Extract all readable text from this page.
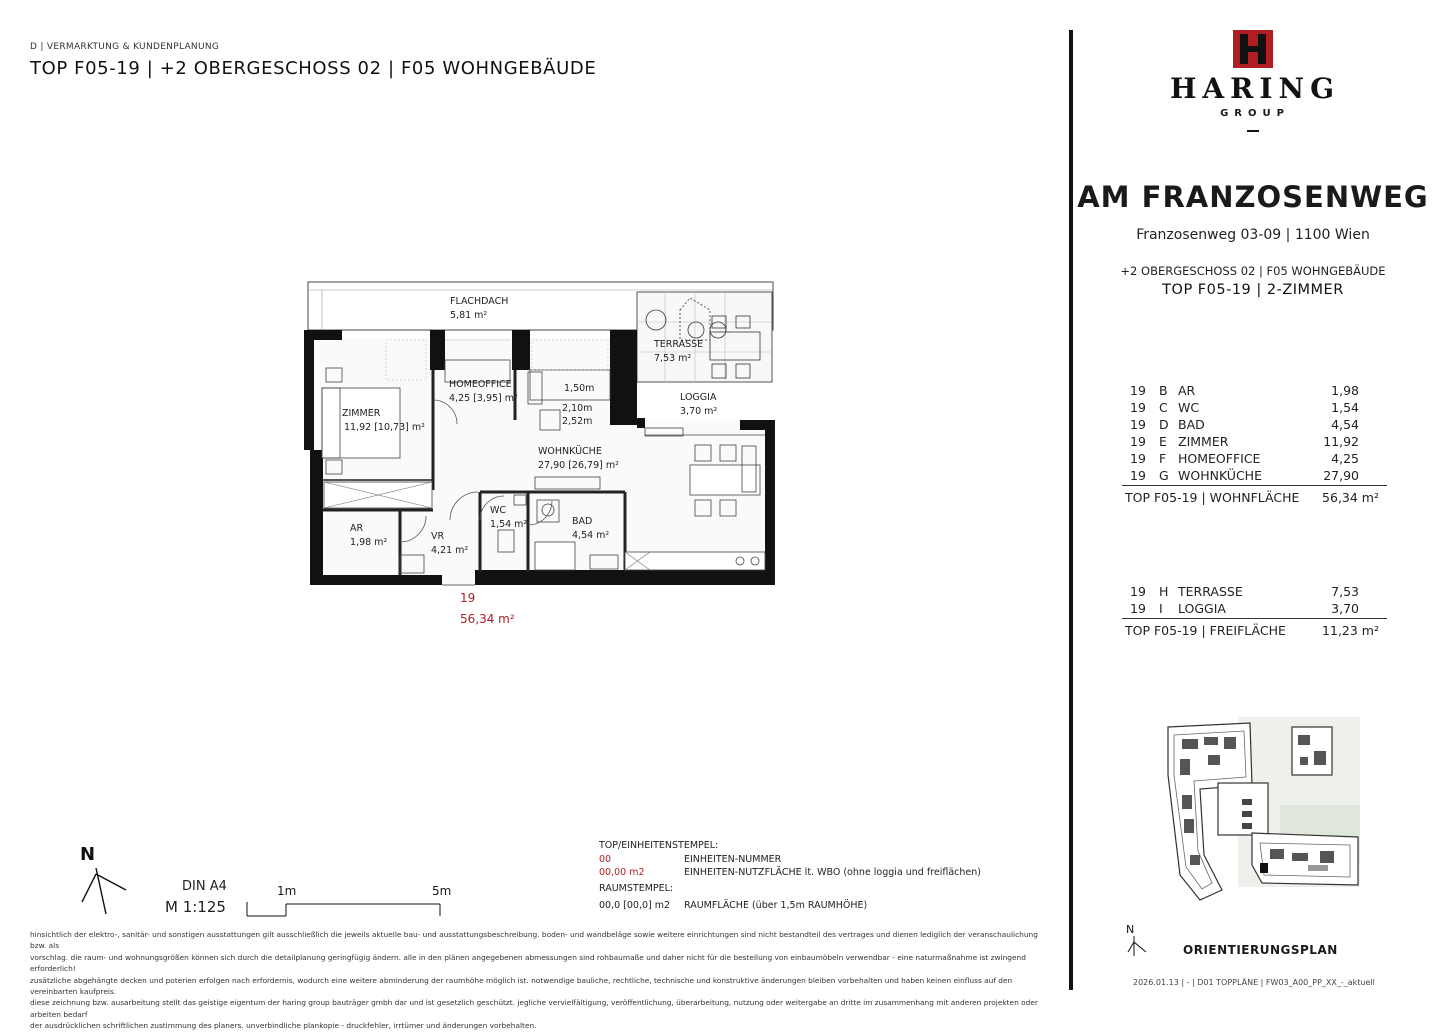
D | VERMARKTUNG & KUNDENPLANUNG
TOP F05-19 | +2 OBERGESCHOSS 02 | F05 WOHNGEBÄUDE
HARING
GROUP
AM FRANZOSENWEG
Franzosenweg 03-09 | 1100 Wien
+2 OBERGESCHOSS 02 | F05 WOHNGEBÄUDE
TOP F05-19 | 2-ZIMMER
19 B AR	1,98
19 C WC	1,54
19 D BAD	4,54
19 E ZIMMER	11,92
19 F HOMEOFFICE	4,25
19 G WOHNKÜCHE	27,90
TOP F05-19 | WOHNFLÄCHE 56,34 m²
19 H TERRASSE	7,53
19 I LOGGIA	3,70
TOP F05-19 | FREIFLÄCHE	11,23 m²
N
ORIENTIERUNGSPLAN
2026.01.13 | - | D01 TOPPLÄNE | FW03_A00_PP_XX_-_aktuell
FLACHDACH
5,81 m²
TERRASSE
7,53 m²
LOGGIA
3,70 m²
HOMEOFFICE
4,25 [3,95] m²
ZIMMER
11,92 [10,73] m²
WOHNKÜCHE
27,90 [26,79] m²
1,50m
2,10m
2,52m
WC
1,54 m²	BAD
4,54 m²
AR
1,98 m²
VR
4,21 m²
19
56,34 m²
N
DIN A4
M 1:125
1m	5m
TOP/EINHEITENSTEMPEL:
00	EINHEITEN-NUMMER
00,00 m2	EINHEITEN-NUTZFLÄCHE lt. WBO (ohne loggia und freiflächen)
RAUMSTEMPEL:
00,0 [00,0] m2 RAUMFLÄCHE (über 1,5m RAUMHÖHE)
hinsichtlich der elektro-, sanitär- und sonstigen ausstattungen gilt ausschließlich die jeweils aktuelle bau- und ausstattungsbeschreibung. boden- und wandbeläge sowie weitere einrichtungen sind nicht bestandteil des vertrages und dienen lediglich der veranschaulichung bzw. als
vorschlag. die raum- und wohnungsgrößen können sich durch die detailplanung geringfügig ändern. alle in den plänen angegebenen abmessungen sind rohbaumaße und daher nicht für die bestellung von einbaumöbeln verwendbar - eine naturmaßnahme ist zwingend erforderlich!
zusätzliche abgehängte decken und poterien erfolgen nach erfordernis, wodurch eine weitere abminderung der raumhöhe möglich ist. notwendige bauliche, rechtliche, technische und konstruktive änderungen bleiben vorbehalten und haben keinen einfluss auf den vereinbarten kaufpreis.
diese zeichnung bzw. ausarbeitung stellt das geistige eigentum der haring group bauträger gmbh dar und ist gesetzlich geschützt. jegliche vervielfältigung, veröffentlichung, überarbeitung, nutzung oder weitergabe an dritte im zusammenhang mit anderen projekten oder arbeiten bedarf
der ausdrücklichen schriftlichen zustimmung des planers. unverbindliche plankopie - druckfehler, irrtümer und änderungen vorbehalten.
